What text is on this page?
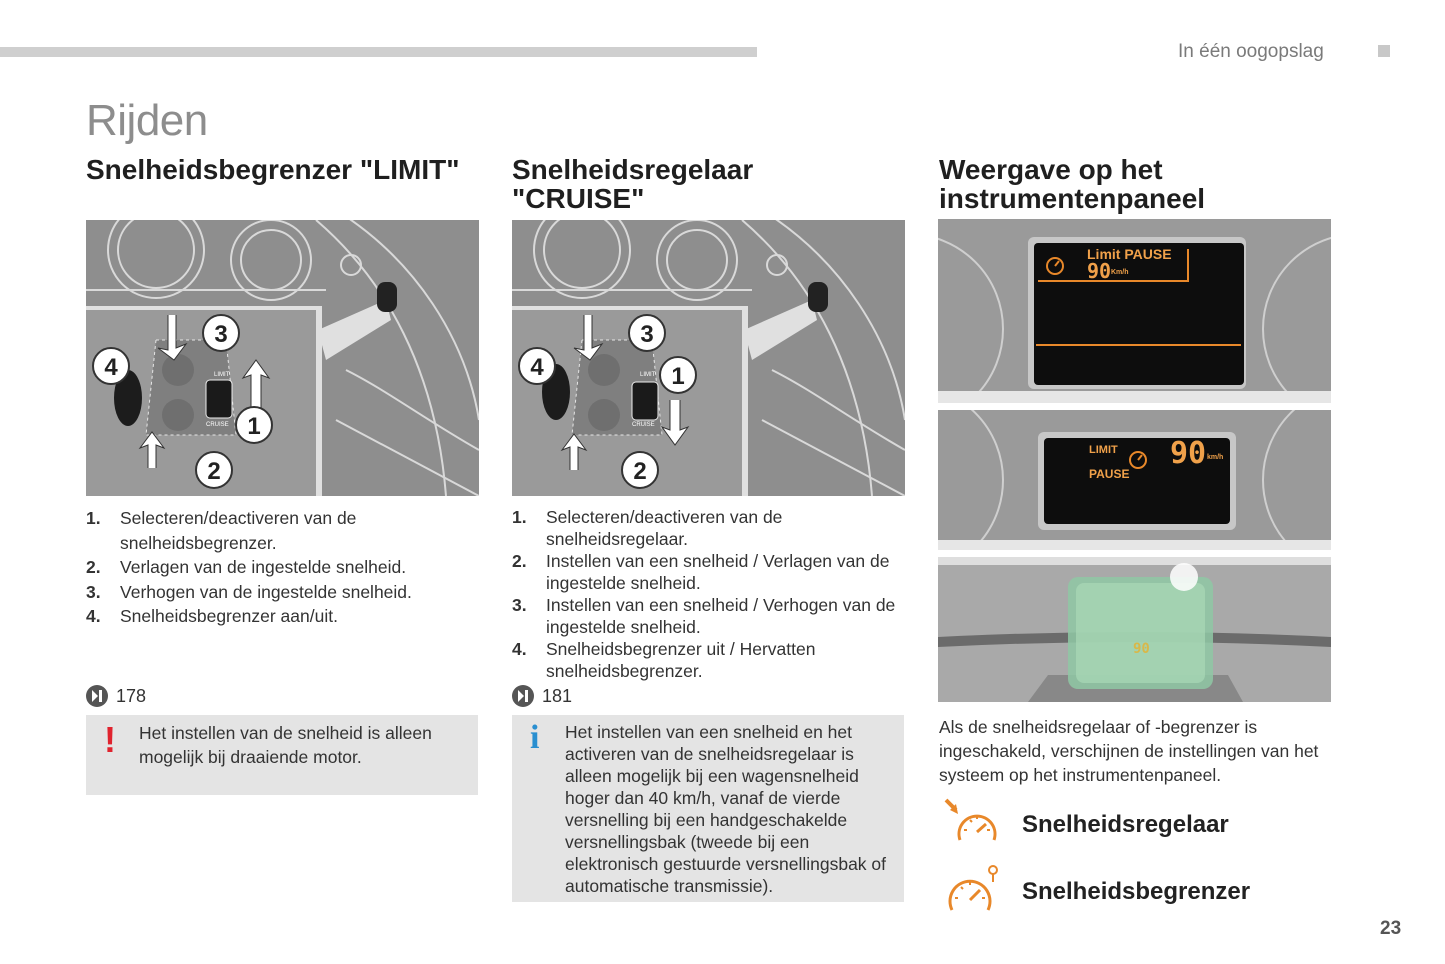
In één oogopslag
Rijden
Snelheidsbegrenzer "LIMIT"
LIMIT
CRUISE
3
4
1
2
1. Selecteren/deactiveren van de snelheidsbegrenzer.
2. Verlagen van de ingestelde snelheid.
3. Verhogen van de ingestelde snelheid.
4. Snelheidsbegrenzer aan/uit.
178
! Het instellen van de snelheid is alleen mogelijk bij draaiende motor.
Snelheidsregelaar
"CRUISE"
LIMIT
CRUISE
3
4	1
2
1. Selecteren/deactiveren van de snelheidsregelaar.
2. Instellen van een snelheid / Verlagen van de ingestelde snelheid.
3. Instellen van een snelheid / Verhogen van de ingestelde snelheid.
4. Snelheidsbegrenzer uit / Hervatten snelheidsbegrenzer.
181
i Het instellen van een snelheid en het activeren van de snelheidsregelaar is alleen mogelijk bij een wagensnelheid hoger dan 40 km/h, vanaf de vierde versnelling bij een handgeschakelde versnellingsbak (tweede bij een elektronisch gestuurde versnellingsbak of automatische transmissie).
Weergave op het
instrumentenpaneel
Limit PAUSE
90 Km/h
LIMIT
PAUSE
90 km/h
90
Als de snelheidsregelaar of -begrenzer is ingeschakeld, verschijnen de instellingen van het systeem op het instrumentenpaneel.
Snelheidsregelaar
Snelheidsbegrenzer
23
